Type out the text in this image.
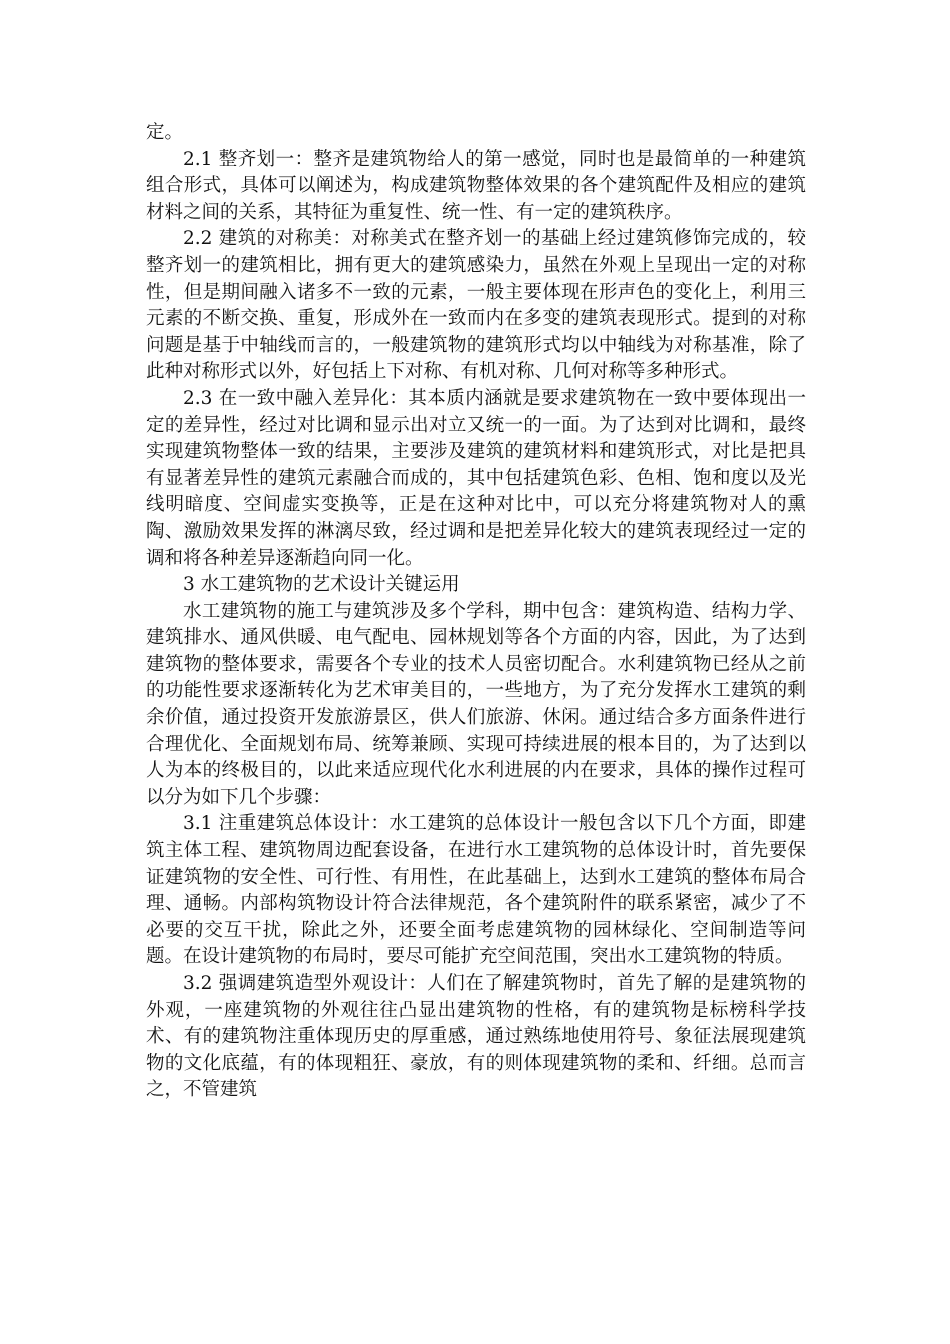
定。

2.1 整齐划一：整齐是建筑物给人的第一感觉，同时也是最简单的一种建筑组合形式，具体可以阐述为，构成建筑物整体效果的各个建筑配件及相应的建筑材料之间的关系，其特征为重复性、统一性、有一定的建筑秩序。

2.2 建筑的对称美：对称美式在整齐划一的基础上经过建筑修饰完成的，较整齐划一的建筑相比，拥有更大的建筑感染力，虽然在外观上呈现出一定的对称性，但是期间融入诸多不一致的元素，一般主要体现在形声色的变化上，利用三元素的不断交换、重复，形成外在一致而内在多变的建筑表现形式。提到的对称问题是基于中轴线而言的，一般建筑物的建筑形式均以中轴线为对称基准，除了此种对称形式以外，好包括上下对称、有机对称、几何对称等多种形式。

2.3 在一致中融入差异化：其本质内涵就是要求建筑物在一致中要体现出一定的差异性，经过对比调和显示出对立又统一的一面。为了达到对比调和，最终实现建筑物整体一致的结果，主要涉及建筑的建筑材料和建筑形式，对比是把具有显著差异性的建筑元素融合而成的，其中包括建筑色彩、色相、饱和度以及光线明暗度、空间虚实变换等，正是在这种对比中，可以充分将建筑物对人的熏陶、激励效果发挥的淋漓尽致，经过调和是把差异化较大的建筑表现经过一定的调和将各种差异逐渐趋向同一化。

3 水工建筑物的艺术设计关键运用

水工建筑物的施工与建筑涉及多个学科，期中包含：建筑构造、结构力学、建筑排水、通风供暖、电气配电、园林规划等各个方面的内容，因此，为了达到建筑物的整体要求，需要各个专业的技术人员密切配合。水利建筑物已经从之前的功能性要求逐渐转化为艺术审美目的，一些地方，为了充分发挥水工建筑的剩余价值，通过投资开发旅游景区，供人们旅游、休闲。通过结合多方面条件进行合理优化、全面规划布局、统筹兼顾、实现可持续进展的根本目的，为了达到以人为本的终极目的，以此来适应现代化水利进展的内在要求，具体的操作过程可以分为如下几个步骤：

3.1 注重建筑总体设计：水工建筑的总体设计一般包含以下几个方面，即建筑主体工程、建筑物周边配套设备，在进行水工建筑物的总体设计时，首先要保证建筑物的安全性、可行性、有用性，在此基础上，达到水工建筑的整体布局合理、通畅。内部构筑物设计符合法律规范，各个建筑附件的联系紧密，减少了不必要的交互干扰，除此之外，还要全面考虑建筑物的园林绿化、空间制造等问题。在设计建筑物的布局时，要尽可能扩充空间范围，突出水工建筑物的特质。

3.2 强调建筑造型外观设计：人们在了解建筑物时，首先了解的是建筑物的外观，一座建筑物的外观往往凸显出建筑物的性格，有的建筑物是标榜科学技术、有的建筑物注重体现历史的厚重感，通过熟练地使用符号、象征法展现建筑物的文化底蕴，有的体现粗狂、豪放，有的则体现建筑物的柔和、纤细。总而言之，不管建筑
